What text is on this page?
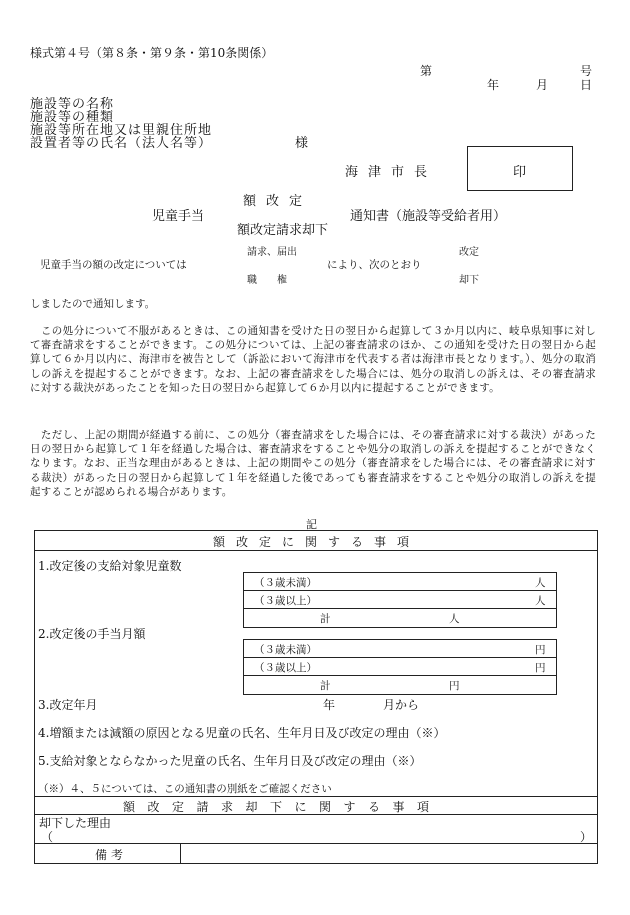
様式第４号（第８条・第９条・第10条関係）
第	号
年	月	日
施設等の名称
施設等の種類
施設等所在地又は里親住所地
設置者等の氏名（法人名等）	様
海津市長	印
額改定
児童手当	通知書（施設等受給者用）
額改定請求却下
請求、届出	改定
児童手当の額の改定については	により、次のとおり
職　　権	却下
しましたので通知します。
　この処分について不服があるときは、この通知書を受けた日の翌日から起算して３か月以内に、岐阜県知事に対して審査請求をすることができます。この処分については、上記の審査請求のほか、この通知を受けた日の翌日から起算して６か月以内に、海津市を被告として（訴訟において海津市を代表する者は海津市長となります。）、処分の取消しの訴えを提起することができます。なお、上記の審査請求をした場合には、処分の取消しの訴えは、その審査請求に対する裁決があったことを知った日の翌日から起算して６か月以内に提起することができます。
　ただし、上記の期間が経過する前に、この処分（審査請求をした場合には、その審査請求に対する裁決）があった日の翌日から起算して１年を経過した場合は、審査請求をすることや処分の取消しの訴えを提起することができなくなります。なお、正当な理由があるときは、上記の期間やこの処分（審査請求をした場合には、その審査請求に対する裁決）があった日の翌日から起算して１年を経過した後であっても審査請求をすることや処分の取消しの訴えを提起することが認められる場合があります。
記
額改定に関する事項
1.改定後の支給対象児童数
（３歳未満）	人
（３歳以上）	人
計	人
2.改定後の手当月額
（３歳未満）	円
（３歳以上）	円
計	円
3.改定年月	年	月から
4.増額または減額の原因となる児童の氏名、生年月日及び改定の理由（※）
5.支給対象とならなかった児童の氏名、生年月日及び改定の理由（※）
（※）４、５については、この通知書の別紙をご確認ください
額改定請求却下に関する事項
却下した理由
（	）
備考
